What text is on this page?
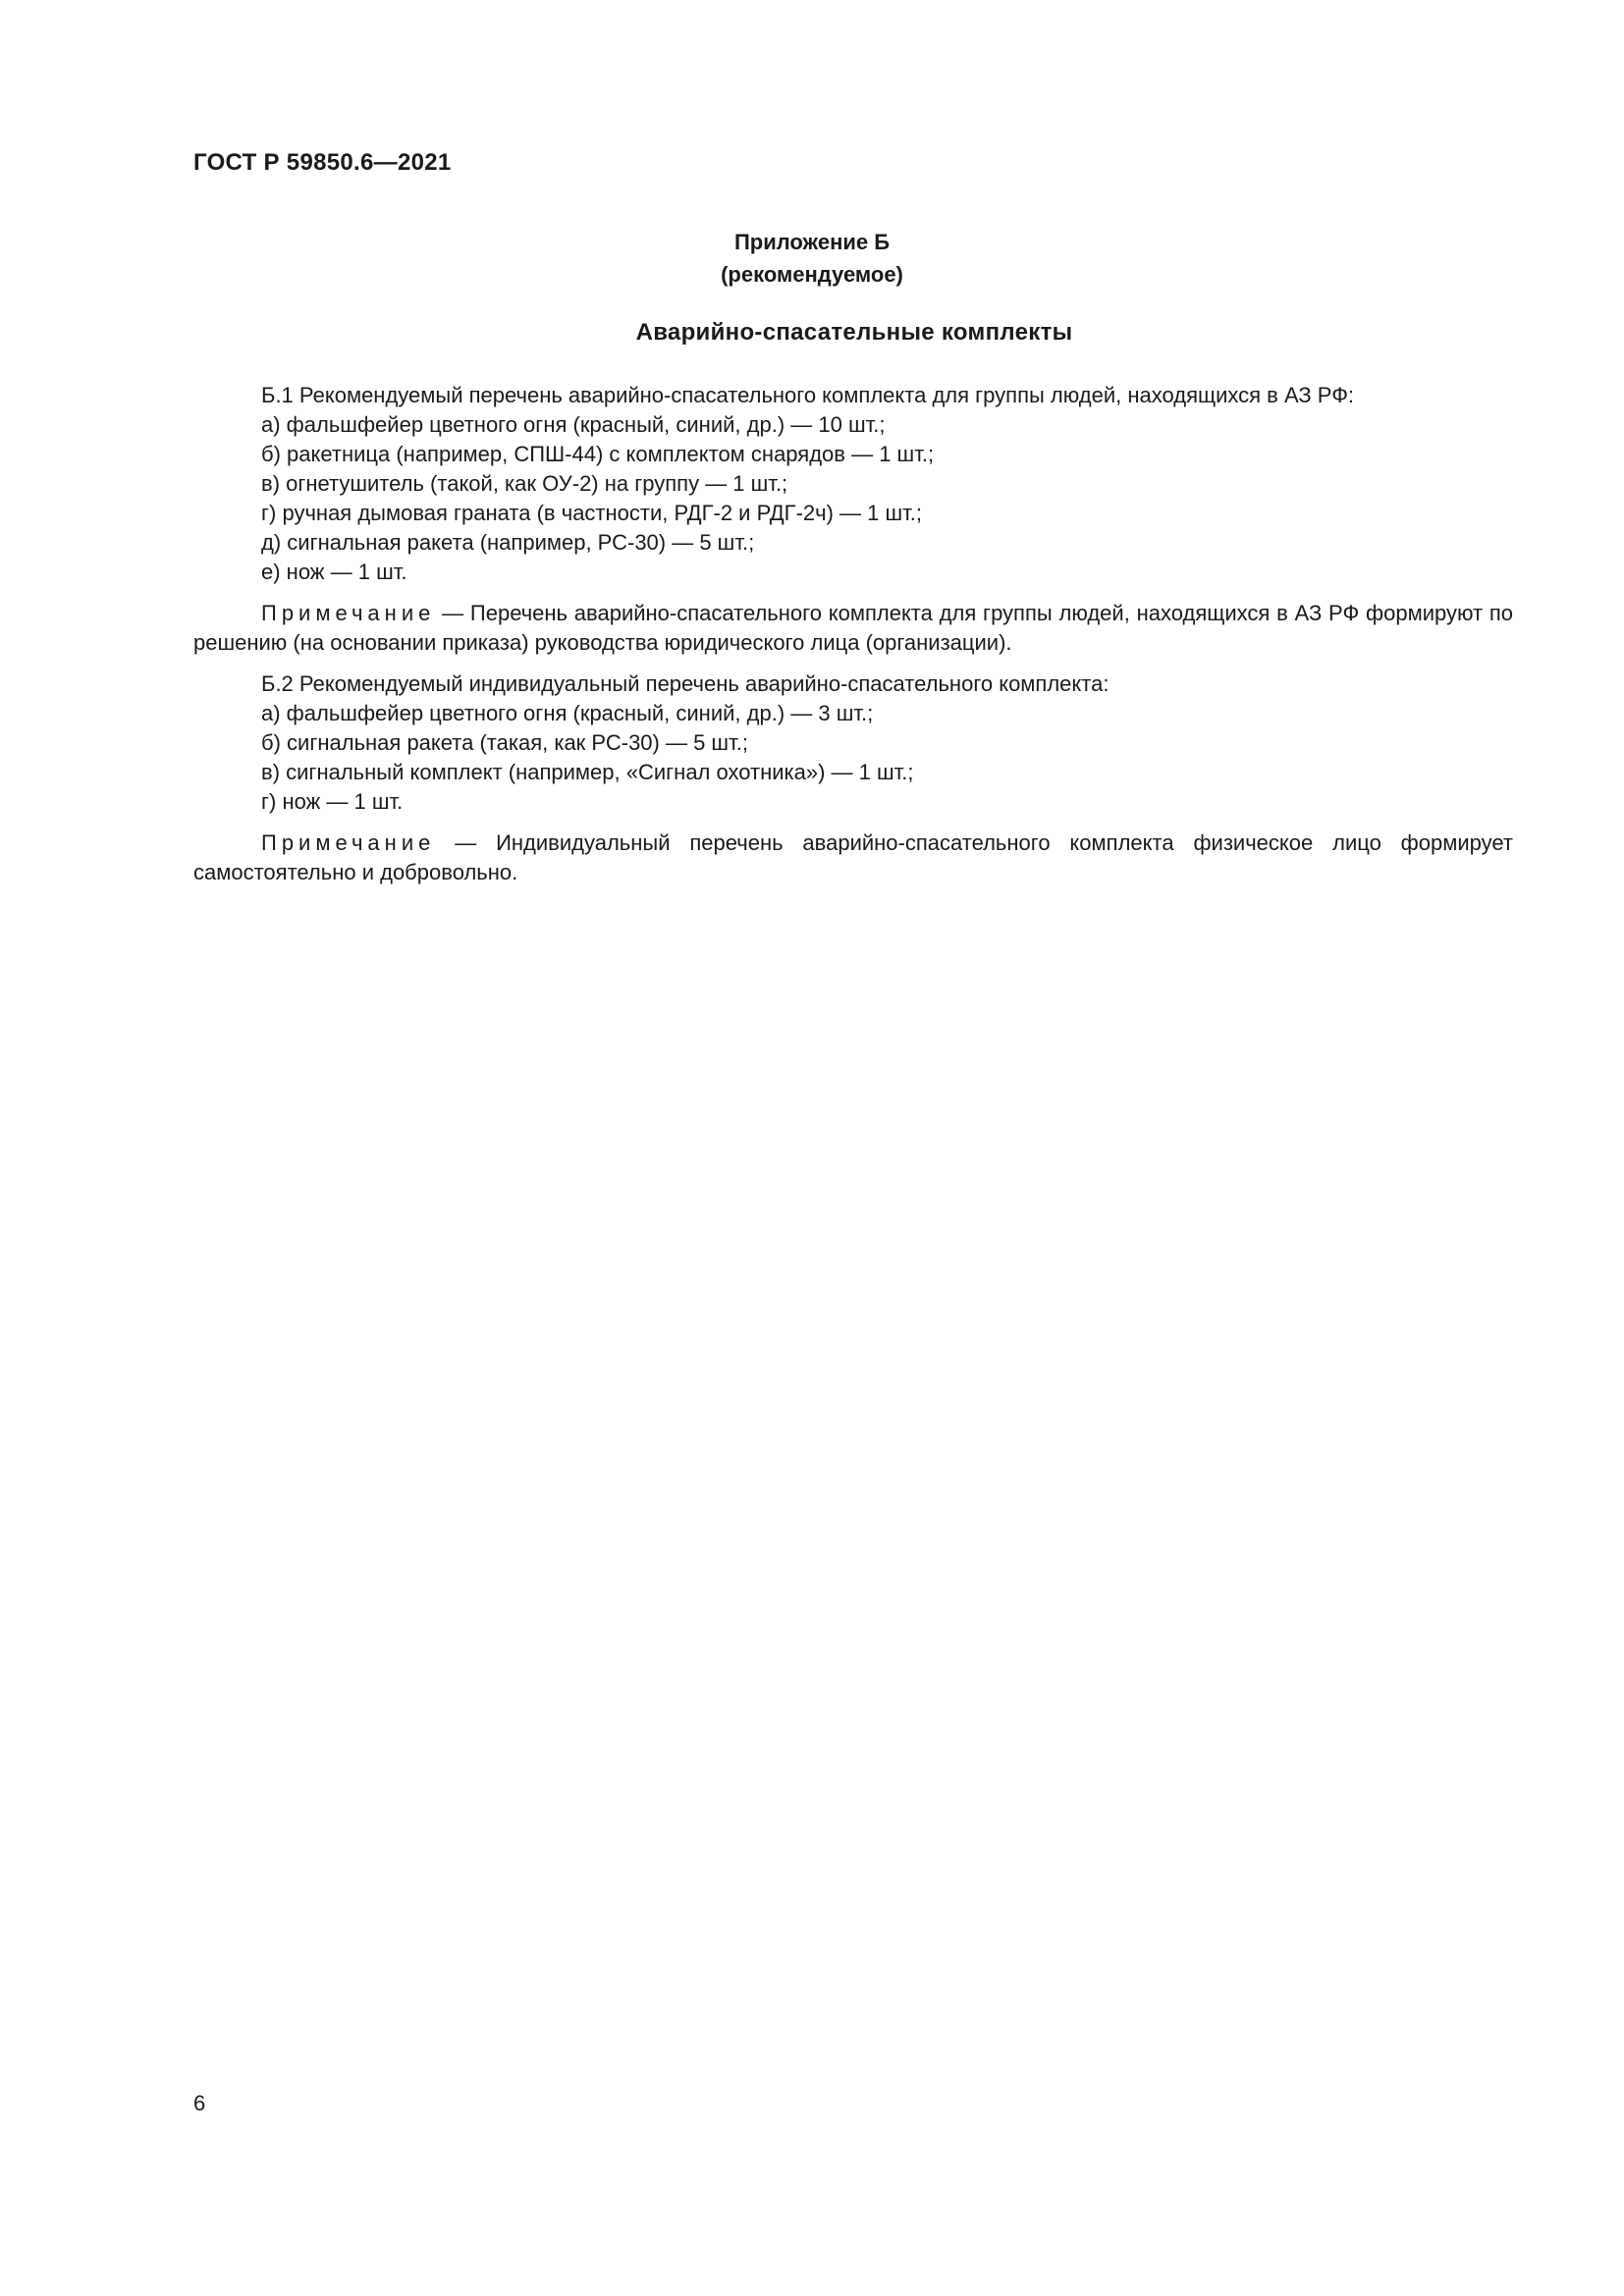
ГОСТ Р 59850.6—2021

Приложение Б
(рекомендуемое)
Аварийно-спасательные комплекты

Б.1 Рекомендуемый перечень аварийно-спасательного комплекта для группы людей, находящихся в АЗ РФ:

а) фальшфейер цветного огня (красный, синий, др.) — 10 шт.;
б) ракетница (например, СПШ-44) с комплектом снарядов — 1 шт.;
в) огнетушитель (такой, как ОУ-2) на группу — 1 шт.;
г) ручная дымовая граната (в частности, РДГ-2 и РДГ-2ч) — 1 шт.;
д) сигнальная ракета (например, РС-30) — 5 шт.;
е) нож — 1 шт.

Примечание — Перечень аварийно-спасательного комплекта для группы людей, находящихся в АЗ РФ формируют по решению (на основании приказа) руководства юридического лица (организации).

Б.2 Рекомендуемый индивидуальный перечень аварийно-спасательного комплекта:

а) фальшфейер цветного огня (красный, синий, др.) — 3 шт.;
б) сигнальная ракета (такая, как РС-30) — 5 шт.;
в) сигнальный комплект (например, «Сигнал охотника») — 1 шт.;
г) нож — 1 шт.

Примечание — Индивидуальный перечень аварийно-спасательного комплекта физическое лицо формирует самостоятельно и добровольно.

6
